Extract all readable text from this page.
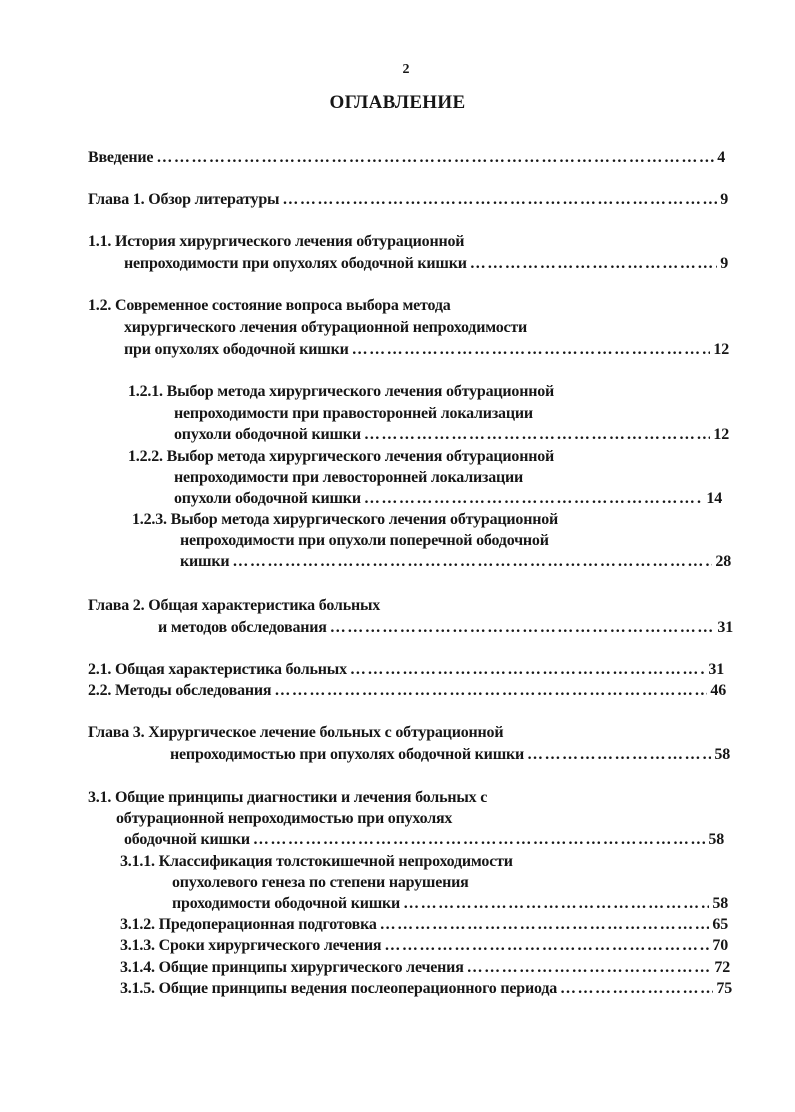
2
ОГЛАВЛЕНИЕ
Введение …………………………………………………………………………………………………………………………………	4
Глава 1. Обзор литературы …………………………………………………………………………………………………………………………………	9
1.1. История хирургического лечения обтурационной
непроходимости при опухолях ободочной кишки …………………………………………………………………………………………………………………………………	9
1.2. Современное состояние вопроса выбора метода
хирургического лечения обтурационной непроходимости
при опухолях ободочной кишки …………………………………………………………………………………………………………………………………	12
1.2.1. Выбор метода хирургического лечения обтурационной
непроходимости при правосторонней локализации
опухоли ободочной кишки …………………………………………………………………………………………………………………………………	12
1.2.2. Выбор метода хирургического лечения обтурационной
непроходимости при левосторонней локализации
опухоли ободочной кишки …………………………………………………………………………………………………………………………………	14
1.2.3. Выбор метода хирургического лечения обтурационной
непроходимости при опухоли поперечной ободочной
кишки …………………………………………………………………………………………………………………………………	28
Глава 2. Общая характеристика больных
и методов обследования …………………………………………………………………………………………………………………………………	31
2.1. Общая характеристика больных …………………………………………………………………………………………………………………………………	31
2.2. Методы обследования …………………………………………………………………………………………………………………………………	46
Глава 3. Хирургическое лечение больных с обтурационной
непроходимостью при опухолях ободочной кишки …………………………………………………………………………………………………………………………………	58
3.1. Общие принципы диагностики и лечения больных с
обтурационной непроходимостью при опухолях
ободочной кишки …………………………………………………………………………………………………………………………………	58
3.1.1. Классификация толстокишечной непроходимости
опухолевого генеза по степени нарушения
проходимости ободочной кишки …………………………………………………………………………………………………………………………………	58
3.1.2. Предоперационная подготовка …………………………………………………………………………………………………………………………………	65
3.1.3. Сроки хирургического лечения …………………………………………………………………………………………………………………………………	70
3.1.4. Общие принципы хирургического лечения …………………………………………………………………………………………………………………………………	72
3.1.5. Общие принципы ведения послеоперационного периода …………………………………………………………………………………………………………………………………	75
